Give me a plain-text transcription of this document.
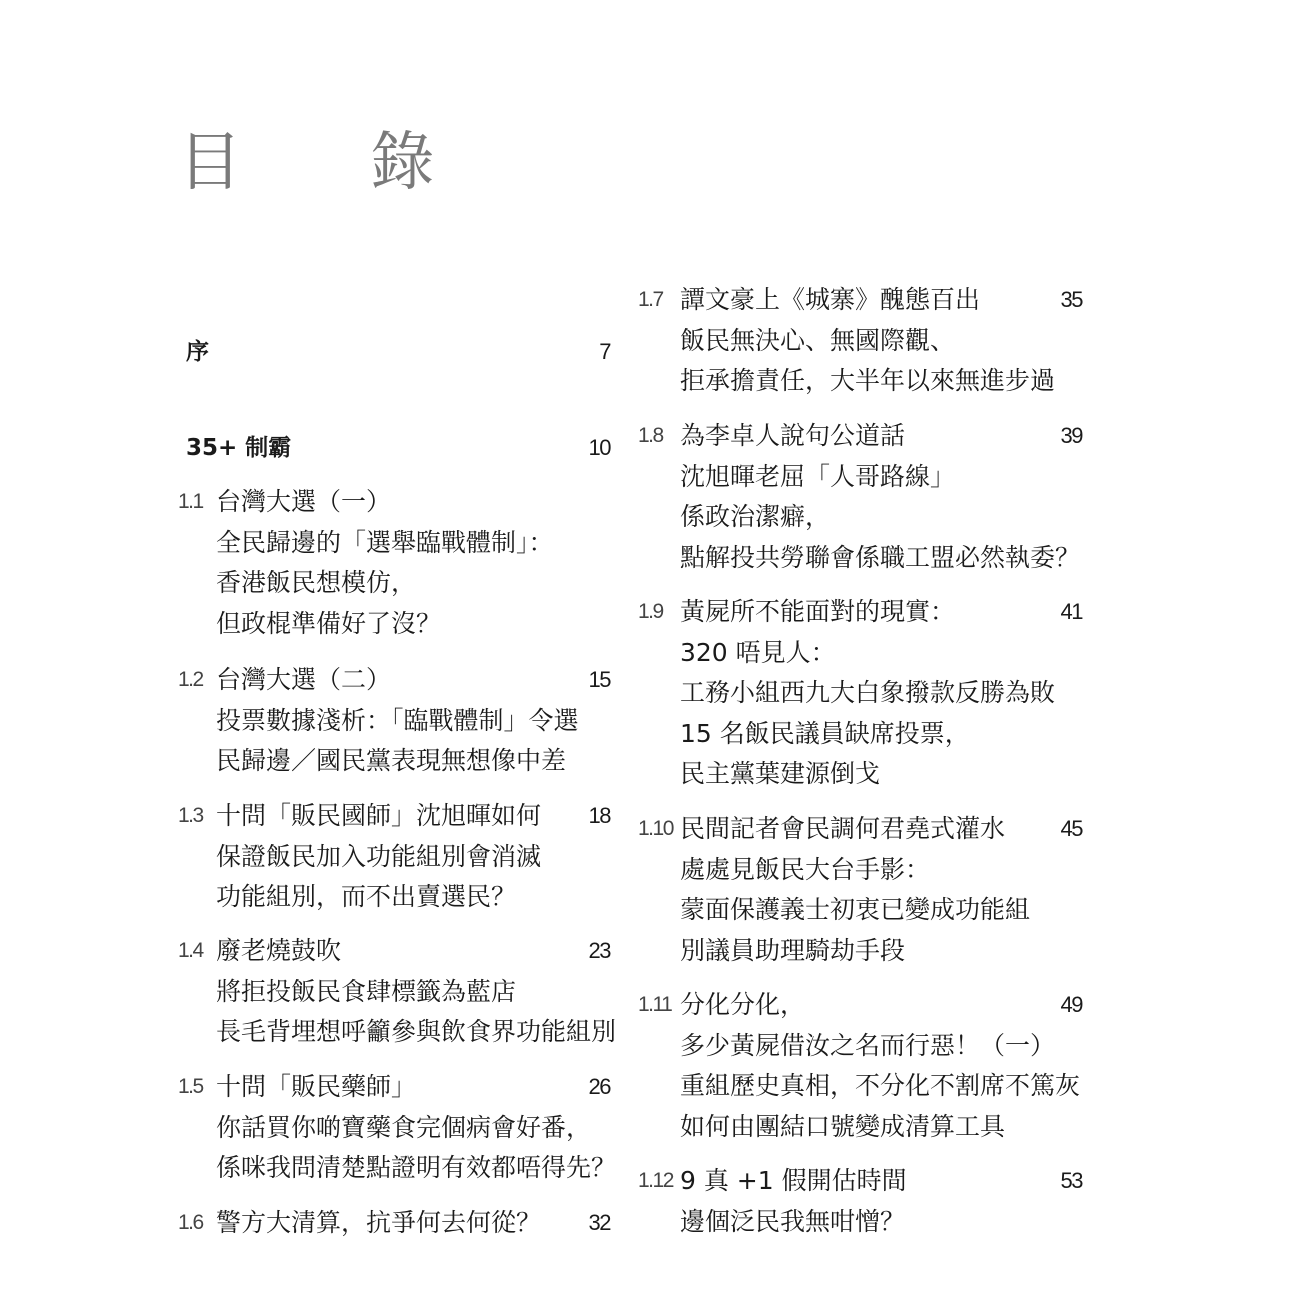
目 錄
序	7
35+ 制霸	10
1.1 台灣大選（一）
全民歸邊的「選舉臨戰體制」：
香港飯民想模仿，
但政棍準備好了沒？
1.2 台灣大選（二）	15
投票數據淺析：「臨戰體制」令選
民歸邊／國民黨表現無想像中差
1.3 十問「販民國師」沈旭暉如何 18
保證飯民加入功能組別會消滅
功能組別，而不出賣選民？
1.4 廢老燒鼓吹	23
將拒投飯民食肆標籤為藍店
長毛背埋想呼籲參與飲食界功能組別
1.5 十問「販民藥師」	26
你話買你啲寶藥食完個病會好番，
係咪我問清楚點證明有效都唔得先？
1.6 警方大清算，抗爭何去何從？ 32
1.7 譚文豪上《城寨》醜態百出	35
飯民無決心、無國際觀、
拒承擔責任，大半年以來無進步過
1.8 為李卓人說句公道話	39
沈旭暉老屈「人哥路線」
係政治潔癖，
點解投共勞聯會係職工盟必然執委？
1.9 黃屍所不能面對的現實：	41
320 唔見人：
工務小組西九大白象撥款反勝為敗
15 名飯民議員缺席投票，
民主黨葉建源倒戈
1.10 民間記者會民調何君堯式灌水	45
處處見飯民大台手影：
蒙面保護義士初衷已變成功能組
別議員助理騎劫手段
1.11 分化分化，	49
多少黃屍借汝之名而行惡！（一）
重組歷史真相，不分化不割席不篤灰
如何由團結口號變成清算工具
1.12 9 真 +1 假開估時間	53
邊個泛民我無咁憎？
